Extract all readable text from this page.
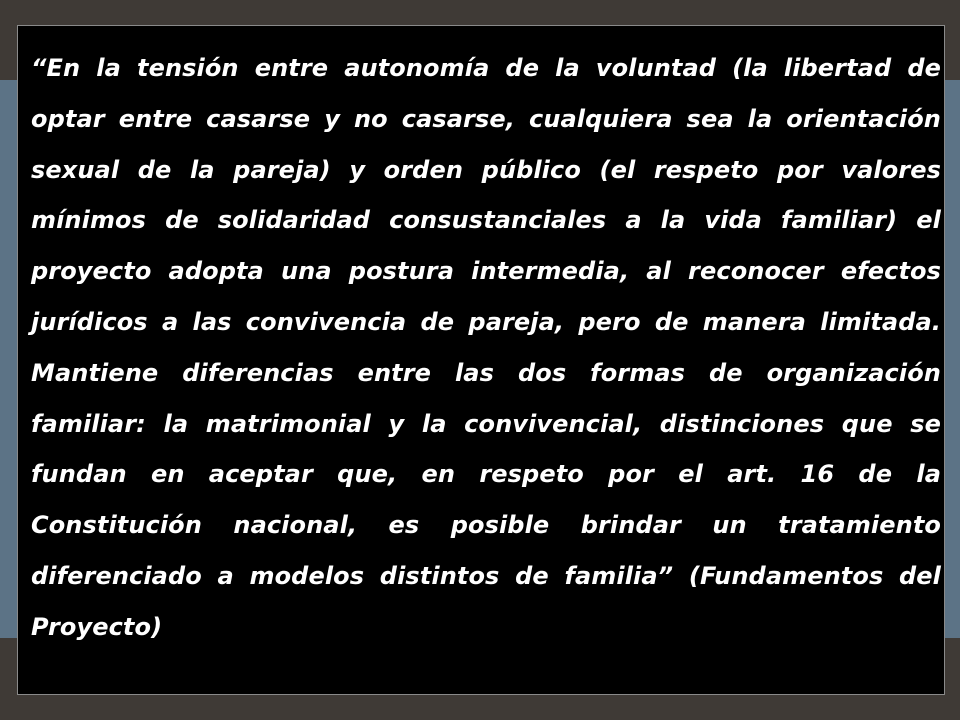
“En la tensión entre autonomía de la voluntad (la libertad de optar entre casarse y no casarse, cualquiera sea la orientación sexual de la pareja) y orden público (el respeto por valores mínimos de solidaridad consustanciales a la vida familiar) el proyecto adopta una postura intermedia, al reconocer efectos jurídicos a las convivencia de pareja, pero de manera limitada. Mantiene diferencias entre las dos formas de organización familiar: la matrimonial y la convivencial, distinciones que se fundan en aceptar que, en respeto por el art. 16 de la Constitución nacional, es posible brindar un tratamiento diferenciado a modelos distintos de familia” (Fundamentos del Proyecto)
